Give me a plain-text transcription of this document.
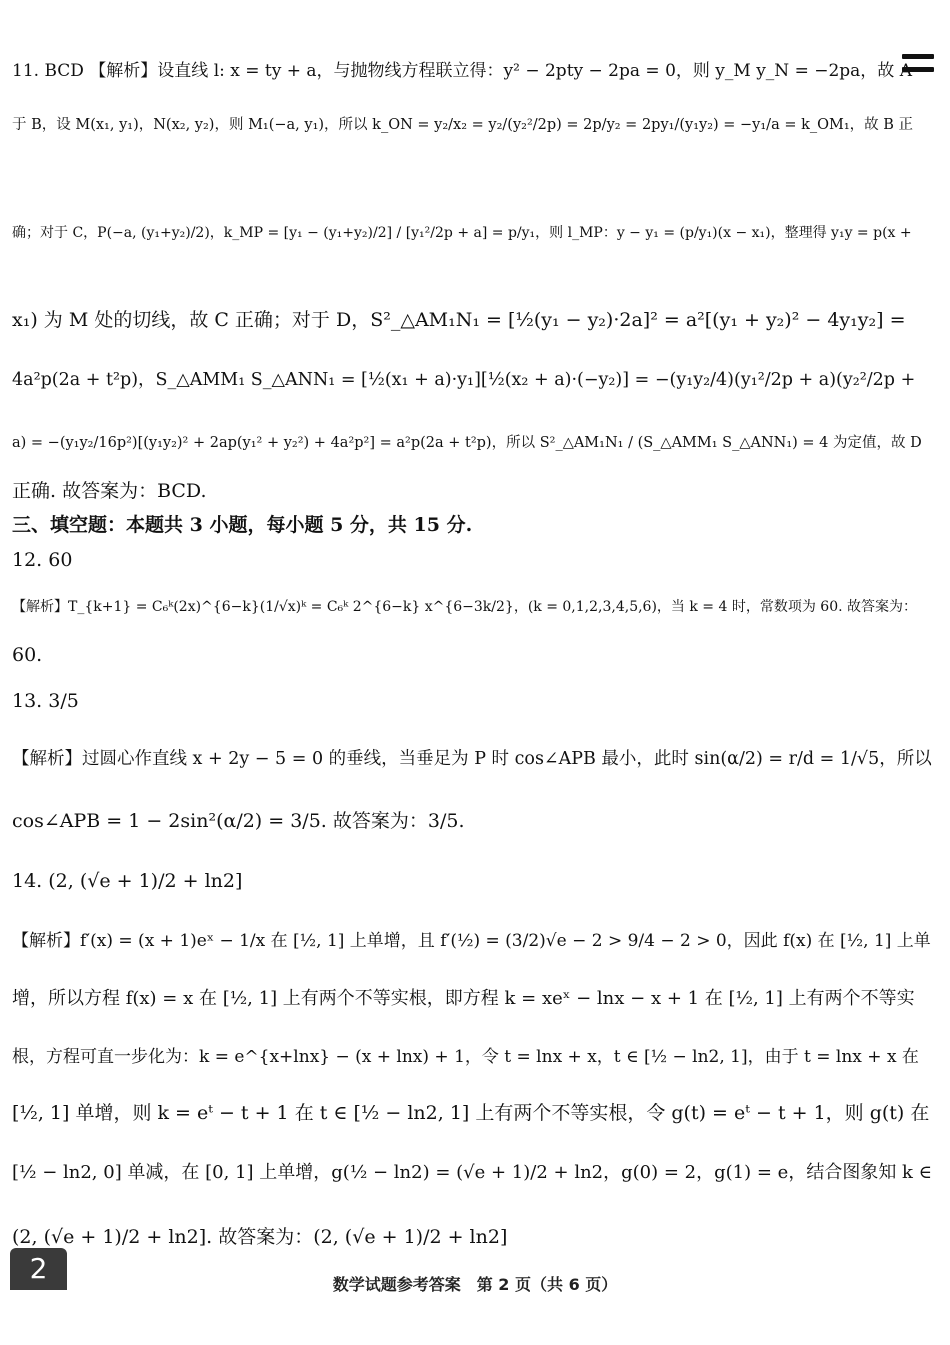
11. BCD 【解析】设直线 l: x = ty + a，与抛物线方程联立得：y² − 2pty − 2pa = 0，则 y_M y_N = −2pa，故 A
于 B，设 M(x₁, y₁)，N(x₂, y₂)，则 M₁(−a, y₁)，所以 k_ON = y₂/x₂ = y₂/(y₂²/2p) = 2p/y₂ = 2py₁/(y₁y₂) = −y₁/a = k_OM₁，故 B 正
确；对于 C，P(−a, (y₁+y₂)/2)，k_MP = [y₁ − (y₁+y₂)/2] / [y₁²/2p + a] = p/y₁，则 l_MP：y − y₁ = (p/y₁)(x − x₁)，整理得 y₁y = p(x +
x₁) 为 M 处的切线，故 C 正确；对于 D，S²_△AM₁N₁ = [½(y₁ − y₂)·2a]² = a²[(y₁ + y₂)² − 4y₁y₂] =
4a²p(2a + t²p)，S_△AMM₁ S_△ANN₁ = [½(x₁ + a)·y₁][½(x₂ + a)·(−y₂)] = −(y₁y₂/4)(y₁²/2p + a)(y₂²/2p +
a) = −(y₁y₂/16p²)[(y₁y₂)² + 2ap(y₁² + y₂²) + 4a²p²] = a²p(2a + t²p)，所以 S²_△AM₁N₁ / (S_△AMM₁ S_△ANN₁) = 4 为定值，故 D
正确. 故答案为：BCD.
三、填空题：本题共 3 小题，每小题 5 分，共 15 分.
12. 60
【解析】T_{k+1} = C₆ᵏ(2x)^{6−k}(1/√x)ᵏ = C₆ᵏ 2^{6−k} x^{6−3k/2}，(k = 0,1,2,3,4,5,6)，当 k = 4 时，常数项为 60. 故答案为：
60.
13. 3/5
【解析】过圆心作直线 x + 2y − 5 = 0 的垂线，当垂足为 P 时 cos∠APB 最小，此时 sin(α/2) = r/d = 1/√5，所以
cos∠APB = 1 − 2sin²(α/2) = 3/5. 故答案为：3/5.
14. (2, (√e + 1)/2 + ln2]
【解析】f′(x) = (x + 1)eˣ − 1/x 在 [½, 1] 上单增，且 f′(½) = (3/2)√e − 2 > 9/4 − 2 > 0，因此 f(x) 在 [½, 1] 上单
增，所以方程 f(x) = x 在 [½, 1] 上有两个不等实根，即方程 k = xeˣ − lnx − x + 1 在 [½, 1] 上有两个不等实
根，方程可直一步化为：k = e^{x+lnx} − (x + lnx) + 1，令 t = lnx + x，t ∈ [½ − ln2, 1]，由于 t = lnx + x 在
[½, 1] 单增，则 k = eᵗ − t + 1 在 t ∈ [½ − ln2, 1] 上有两个不等实根，令 g(t) = eᵗ − t + 1，则 g(t) 在
[½ − ln2, 0] 单减，在 [0, 1] 上单增，g(½ − ln2) = (√e + 1)/2 + ln2，g(0) = 2，g(1) = e，结合图象知 k ∈
(2, (√e + 1)/2 + ln2]. 故答案为：(2, (√e + 1)/2 + ln2]
2	数学试题参考答案　第 2 页（共 6 页）
